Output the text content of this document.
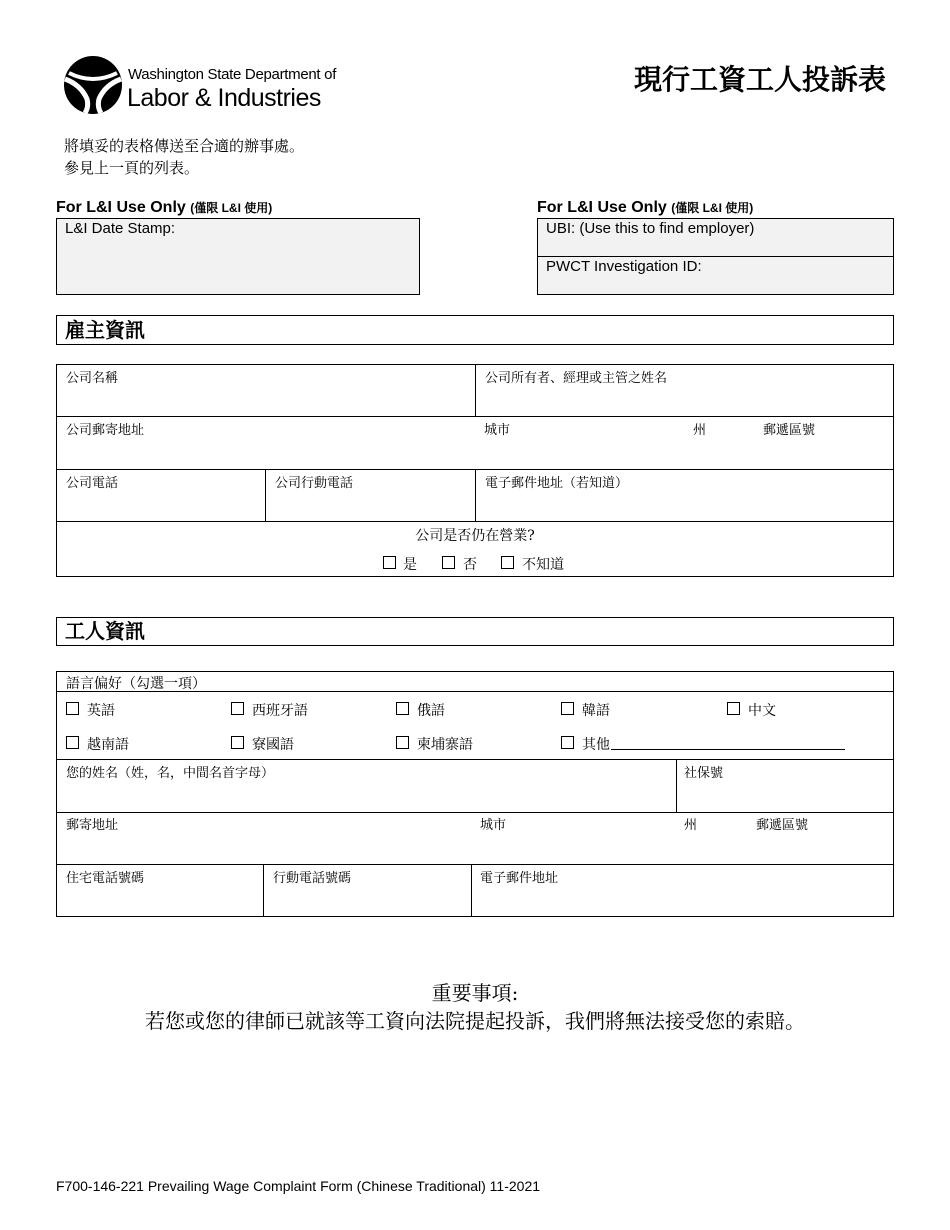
Washington State Department of
Labor & Industries
現行工資工人投訴表
將填妥的表格傳送至合適的辦事處。
參見上一頁的列表。
For L&I Use Only (僅限 L&I 使用)
L&I Date Stamp:
For L&I Use Only (僅限 L&I 使用)
UBI: (Use this to find employer)
PWCT Investigation ID:
雇主資訊
公司名稱	公司所有者、經理或主管之姓名
公司郵寄地址	城市	州	郵遞區號
公司電話	公司行動電話	電子郵件地址（若知道）
公司是否仍在營業?
是	否	不知道
工人資訊
語言偏好（勾選一項）
英語	西班牙語	俄語	韓語	中文
越南語	寮國語	柬埔寨語	其他
您的姓名（姓，名，中間名首字母）	社保號
郵寄地址	城市	州	郵遞區號
住宅電話號碼	行動電話號碼	電子郵件地址
重要事項:
若您或您的律師已就該等工資向法院提起投訴，我們將無法接受您的索賠。
F700-146-221 Prevailing Wage Complaint Form (Chinese Traditional) 11-2021
